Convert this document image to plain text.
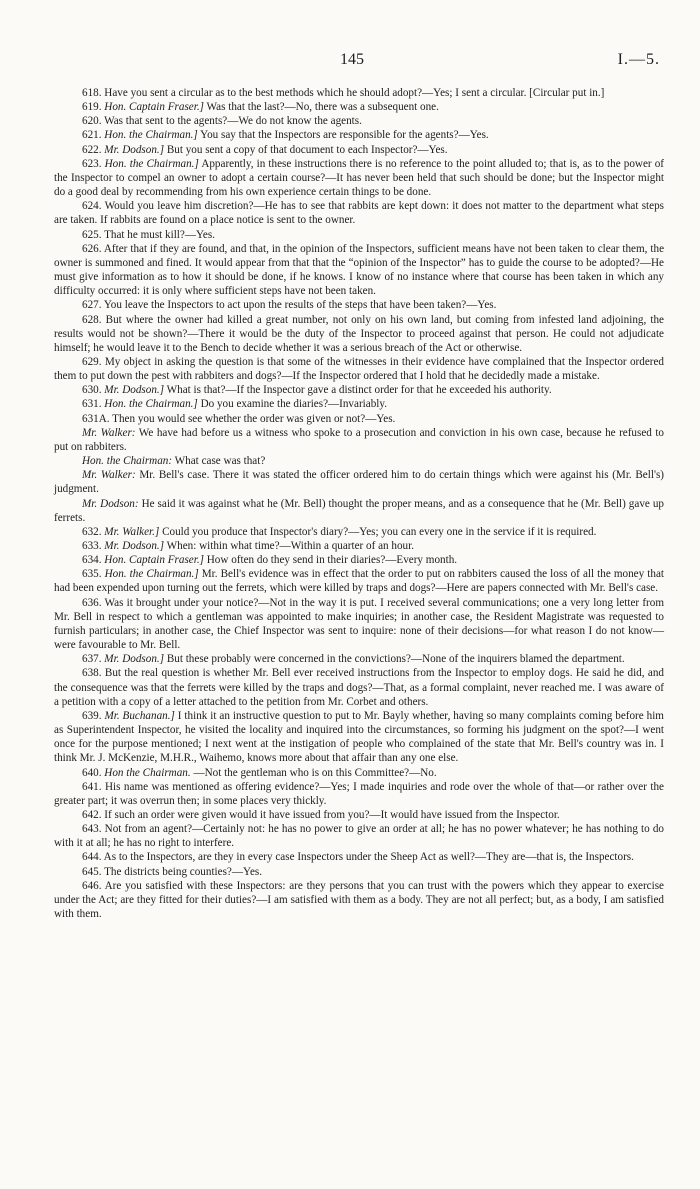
145	I.—5.

618. Have you sent a circular as to the best methods which he should adopt?—Yes; I sent a circular. [Circular put in.]

619. Hon. Captain Fraser.] Was that the last?—No, there was a subsequent one.

620. Was that sent to the agents?—We do not know the agents.

621. Hon. the Chairman.] You say that the Inspectors are responsible for the agents?—Yes.

622. Mr. Dodson.] But you sent a copy of that document to each Inspector?—Yes.

623. Hon. the Chairman.] Apparently, in these instructions there is no reference to the point alluded to; that is, as to the power of the Inspector to compel an owner to adopt a certain course?—It has never been held that such should be done; but the Inspector might do a good deal by recommending from his own experience certain things to be done.

624. Would you leave him discretion?—He has to see that rabbits are kept down: it does not matter to the department what steps are taken. If rabbits are found on a place notice is sent to the owner.

625. That he must kill?—Yes.

626. After that if they are found, and that, in the opinion of the Inspectors, sufficient means have not been taken to clear them, the owner is summoned and fined. It would appear from that that the “opinion of the Inspector” has to guide the course to be adopted?—He must give information as to how it should be done, if he knows. I know of no instance where that course has been taken in which any difficulty occurred: it is only where sufficient steps have not been taken.

627. You leave the Inspectors to act upon the results of the steps that have been taken?—Yes.

628. But where the owner had killed a great number, not only on his own land, but coming from infested land adjoining, the results would not be shown?—There it would be the duty of the Inspector to proceed against that person. He could not adjudicate himself; he would leave it to the Bench to decide whether it was a serious breach of the Act or otherwise.

629. My object in asking the question is that some of the witnesses in their evidence have complained that the Inspector ordered them to put down the pest with rabbiters and dogs?—If the Inspector ordered that I hold that he decidedly made a mistake.

630. Mr. Dodson.] What is that?—If the Inspector gave a distinct order for that he exceeded his authority.

631. Hon. the Chairman.] Do you examine the diaries?—Invariably.

631A. Then you would see whether the order was given or not?—Yes.

Mr. Walker: We have had before us a witness who spoke to a prosecution and conviction in his own case, because he refused to put on rabbiters.

Hon. the Chairman: What case was that?

Mr. Walker: Mr. Bell's case. There it was stated the officer ordered him to do certain things which were against his (Mr. Bell's) judgment.

Mr. Dodson: He said it was against what he (Mr. Bell) thought the proper means, and as a consequence that he (Mr. Bell) gave up ferrets.

632. Mr. Walker.] Could you produce that Inspector's diary?—Yes; you can every one in the service if it is required.

633. Mr. Dodson.] When: within what time?—Within a quarter of an hour.

634. Hon. Captain Fraser.] How often do they send in their diaries?—Every month.

635. Hon. the Chairman.] Mr. Bell's evidence was in effect that the order to put on rabbiters caused the loss of all the money that had been expended upon turning out the ferrets, which were killed by traps and dogs?—Here are papers connected with Mr. Bell's case.

636. Was it brought under your notice?—Not in the way it is put. I received several communications; one a very long letter from Mr. Bell in respect to which a gentleman was appointed to make inquiries; in another case, the Resident Magistrate was requested to furnish particulars; in another case, the Chief Inspector was sent to inquire: none of their decisions—for what reason I do not know—were favourable to Mr. Bell.

637. Mr. Dodson.] But these probably were concerned in the convictions?—None of the inquirers blamed the department.

638. But the real question is whether Mr. Bell ever received instructions from the Inspector to employ dogs. He said he did, and the consequence was that the ferrets were killed by the traps and dogs?—That, as a formal complaint, never reached me. I was aware of a petition with a copy of a letter attached to the petition from Mr. Corbet and others.

639. Mr. Buchanan.] I think it an instructive question to put to Mr. Bayly whether, having so many complaints coming before him as Superintendent Inspector, he visited the locality and inquired into the circumstances, so forming his judgment on the spot?—I went once for the purpose mentioned; I next went at the instigation of people who complained of the state that Mr. Bell's country was in. I think Mr. J. McKenzie, M.H.R., Waihemo, knows more about that affair than any one else.

640. Hon the Chairman. —Not the gentleman who is on this Committee?—No.

641. His name was mentioned as offering evidence?—Yes; I made inquiries and rode over the whole of that—or rather over the greater part; it was overrun then; in some places very thickly.

642. If such an order were given would it have issued from you?—It would have issued from the Inspector.

643. Not from an agent?—Certainly not: he has no power to give an order at all; he has no power whatever; he has nothing to do with it at all; he has no right to interfere.

644. As to the Inspectors, are they in every case Inspectors under the Sheep Act as well?—They are—that is, the Inspectors.

645. The districts being counties?—Yes.

646. Are you satisfied with these Inspectors: are they persons that you can trust with the powers which they appear to exercise under the Act; are they fitted for their duties?—I am satisfied with them as a body. They are not all perfect; but, as a body, I am satisfied with them.
